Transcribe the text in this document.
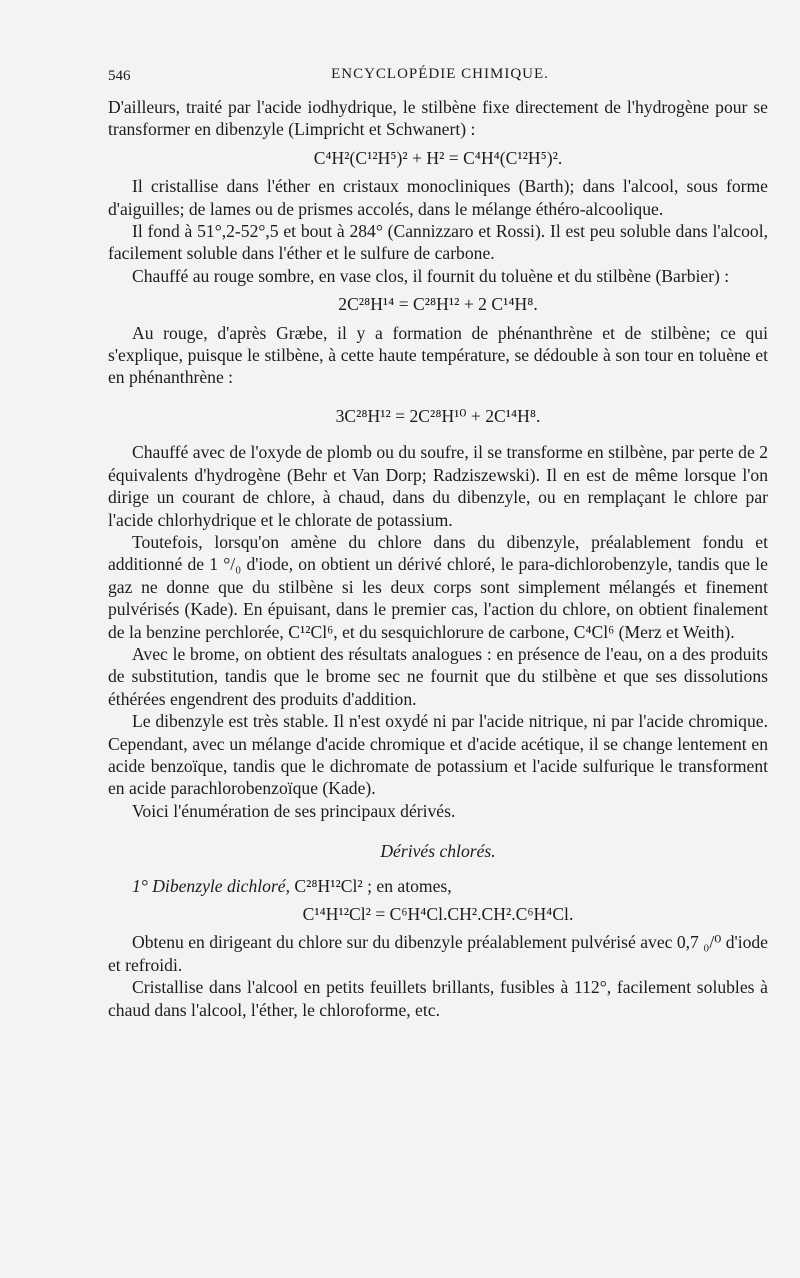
546	ENCYCLOPÉDIE CHIMIQUE.

D'ailleurs, traité par l'acide iodhydrique, le stilbène fixe directement de l'hydrogène pour se transformer en dibenzyle (Limpricht et Schwanert) :

C⁴H²(C¹²H⁵)² + H² = C⁴H⁴(C¹²H⁵)².

Il cristallise dans l'éther en cristaux monocliniques (Barth); dans l'alcool, sous forme d'aiguilles; de lames ou de prismes accolés, dans le mélange éthéro-alcoolique.

Il fond à 51°,2-52°,5 et bout à 284° (Cannizzaro et Rossi). Il est peu soluble dans l'alcool, facilement soluble dans l'éther et le sulfure de carbone.

Chauffé au rouge sombre, en vase clos, il fournit du toluène et du stilbène (Barbier) :

2C²⁸H¹⁴ = C²⁸H¹² + 2 C¹⁴H⁸.

Au rouge, d'après Græbe, il y a formation de phénanthrène et de stilbène; ce qui s'explique, puisque le stilbène, à cette haute température, se dédouble à son tour en toluène et en phénanthrène :

3C²⁸H¹² = 2C²⁸H¹⁰ + 2C¹⁴H⁸.

Chauffé avec de l'oxyde de plomb ou du soufre, il se transforme en stilbène, par perte de 2 équivalents d'hydrogène (Behr et Van Dorp; Radziszewski). Il en est de même lorsque l'on dirige un courant de chlore, à chaud, dans du dibenzyle, ou en remplaçant le chlore par l'acide chlorhydrique et le chlorate de potassium.

Toutefois, lorsqu'on amène du chlore dans du dibenzyle, préalablement fondu et additionné de 1 °/₀ d'iode, on obtient un dérivé chloré, le para-dichlorobenzyle, tandis que le gaz ne donne que du stilbène si les deux corps sont simplement mélangés et finement pulvérisés (Kade). En épuisant, dans le premier cas, l'action du chlore, on obtient finalement de la benzine perchlorée, C¹²Cl⁶, et du sesquichlorure de carbone, C⁴Cl⁶ (Merz et Weith).

Avec le brome, on obtient des résultats analogues : en présence de l'eau, on a des produits de substitution, tandis que le brome sec ne fournit que du stilbène et que ses dissolutions éthérées engendrent des produits d'addition.

Le dibenzyle est très stable. Il n'est oxydé ni par l'acide nitrique, ni par l'acide chromique. Cependant, avec un mélange d'acide chromique et d'acide acétique, il se change lentement en acide benzoïque, tandis que le dichromate de potassium et l'acide sulfurique le transforment en acide parachlorobenzoïque (Kade).

Voici l'énumération de ses principaux dérivés.

Dérivés chlorés.

1° Dibenzyle dichloré, C²⁸H¹²Cl² ; en atomes,

C¹⁴H¹²Cl² = C⁶H⁴Cl.CH².CH².C⁶H⁴Cl.

Obtenu en dirigeant du chlore sur du dibenzyle préalablement pulvérisé avec 0,7 ₀/⁰ d'iode et refroidi.

Cristallise dans l'alcool en petits feuillets brillants, fusibles à 112°, facilement solubles à chaud dans l'alcool, l'éther, le chloroforme, etc.
